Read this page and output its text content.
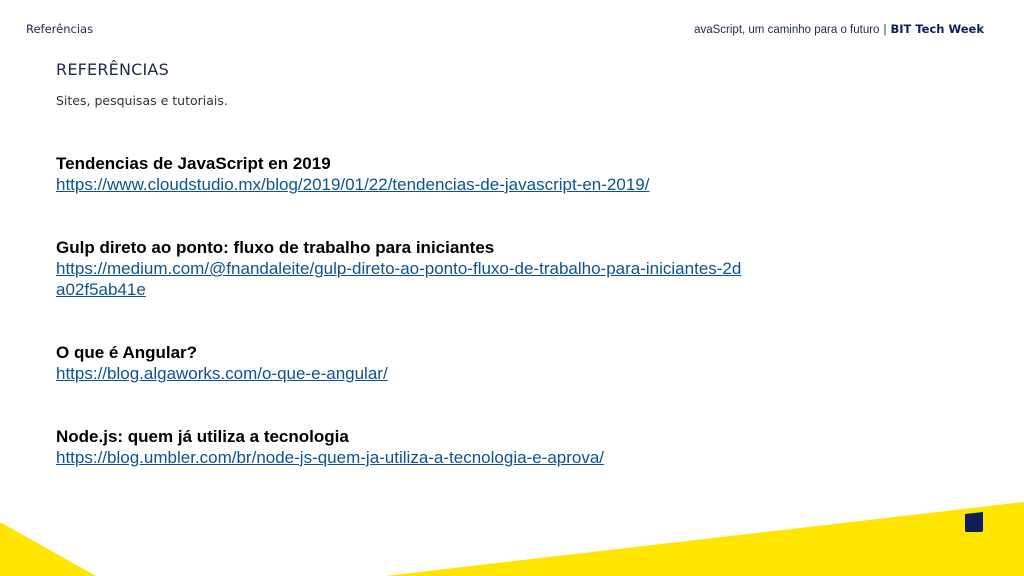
Referências	avaScript, um caminho para o futuro | BIT Tech Week
REFERÊNCIAS
Sites, pesquisas e tutoriais.
Tendencias de JavaScript en 2019
https://www.cloudstudio.mx/blog/2019/01/22/tendencias-de-javascript-en-2019/
Gulp direto ao ponto: fluxo de trabalho para iniciantes
https://medium.com/@fnandaleite/gulp-direto-ao-ponto-fluxo-de-trabalho-para-iniciantes-2da02f5ab41e
O que é Angular?
https://blog.algaworks.com/o-que-e-angular/
Node.js: quem já utiliza a tecnologia
https://blog.umbler.com/br/node-js-quem-ja-utiliza-a-tecnologia-e-aprova/
